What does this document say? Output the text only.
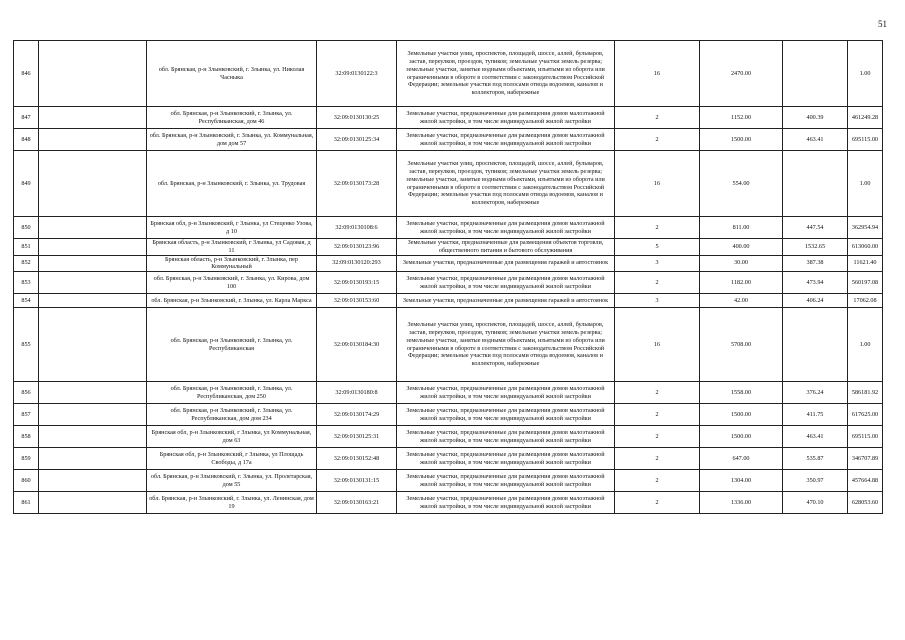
51
846		обл. Брянская, р-н Злынковский, г. Злынка, ул. Николая Часныка	32:09:0130122:3	Земельные участки улиц, проспектов, площадей, шоссе, аллей, бульваров, застав, переулков, проездов, тупиков; земельные участки земель резерва; земельные участки, занятые водными объектами, изъятыми из оборота или ограниченными в обороте в соответствии с законодательством Российской Федерации; земельные участки под полосами отвода водоемов, каналов и коллекторов, набережные	16	2470.00		1.00
847		обл. Брянская, р-н Злынковский, г. Злынка, ул. Республиканская, дом 46	32:09:0130130:25	Земельные участки, предназначенные для размещения домов малоэтажной жилой застройки, в том числе индивидуальной жилой застройки	2	1152.00	400.39	461249.28
848		обл. Брянская, р-н Злынковский, г. Злынка, ул. Коммунальная, дом дом 57	32:09:0130125:34	Земельные участки, предназначенные для размещения домов малоэтажной жилой застройки, в том числе индивидуальной жилой застройки	2	1500.00	463.41	695115.00
849		обл. Брянская, р-н Злынковский, г. Злынка, ул. Трудовая	32:09:0130173:28	Земельные участки улиц, проспектов, площадей, шоссе, аллей, бульваров, застав, переулков, проездов, тупиков; земельные участки земель резерва; земельные участки, занятые водными объектами, изъятыми из оборота или ограниченными в обороте в соответствии с законодательством Российской Федерации; земельные участки под полосами отвода водоемов, каналов и коллекторов, набережные	16	554.00		1.00
850		Брянская обл, р-н Злынковский, г Злынка, ул Стеценко Узова, д 10	32:09:0130108:6	Земельные участки, предназначенные для размещения домов малоэтажной жилой застройки, в том числе индивидуальной жилой застройки	2	811.00	447.54	362954.94
851		Брянская область, р-н Злынковский, г Злынка, ул Садовая, д 11	32:09:0130123:96	Земельные участки, предназначенные для размещения объектов торговли, общественного питания и бытового обслуживания	5	400.00	1532.65	613060.00
852		Брянская область, р-н Злынковский, г. Злынка, пер Коммунальный	32:09:0130120:293	Земельные участки, предназначенные для размещения гаражей и автостоянок	3	30.00	387.38	11621.40
853		обл. Брянская, р-н Злынковский, г. Злынка, ул. Кирова, дом 100	32:09:0130193:15	Земельные участки, предназначенные для размещения домов малоэтажной жилой застройки, в том числе индивидуальной жилой застройки	2	1182.00	473.94	560197.08
854		обл. Брянская, р-н Злынковский, г. Злынка, ул. Карла Маркса	32:09:0130153:60	Земельные участки, предназначенные для размещения гаражей и автостоянок	3	42.00	406.24	17062.08
855		обл. Брянская, р-н Злынковский, г. Злынка, ул. Республиканская	32:09:0130184:30	Земельные участки улиц, проспектов, площадей, шоссе, аллей, бульваров, застав, переулков, проездов, тупиков; земельные участки земель резерва; земельные участки, занятые водными объектами, изъятыми из оборота или ограниченными в обороте в соответствии с законодательством Российской Федерации; земельные участки под полосами отвода водоемов, каналов и коллекторов, набережные	16	5708.00		1.00
856		обл. Брянская, р-н Злынковский, г. Злынка, ул. Республиканская, дом 250	32:09:0130180:8	Земельные участки, предназначенные для размещения домов малоэтажной жилой застройки, в том числе индивидуальной жилой застройки	2	1558.00	376.24	586181.92
857		обл. Брянская, р-н Злынковский, г. Злынка, ул. Республиканская, дом дом 234	32:09:0130174:29	Земельные участки, предназначенные для размещения домов малоэтажной жилой застройки, в том числе индивидуальной жилой застройки	2	1500.00	411.75	617625.00
858		Брянская обл, р-н Злынковский, г Злынка, ул Коммунальная, дом 63	32:09:0130125:31	Земельные участки, предназначенные для размещения домов малоэтажной жилой застройки, в том числе индивидуальной жилой застройки	2	1500.00	463.41	695115.00
859		Брянская обл, р-н Злынковский, г Злынка, ул Площадь Свободы, д 17а	32:09:0130152:48	Земельные участки, предназначенные для размещения домов малоэтажной жилой застройки, в том числе индивидуальной жилой застройки	2	647.00	535.87	346707.89
860		обл. Брянская, р-н Злынковский, г. Злынка, ул. Пролетарская, дом 55	32:09:0130131:15	Земельные участки, предназначенные для размещения домов малоэтажной жилой застройки, в том числе индивидуальной жилой застройки	2	1304.00	350.97	457664.88
861		обл. Брянская, р-н Злынковский, г. Злынка, ул. Ленинская, дом 19	32:09:0130163:21	Земельные участки, предназначенные для размещения домов малоэтажной жилой застройки, в том числе индивидуальной жилой застройки	2	1336.00	470.10	628053.60
